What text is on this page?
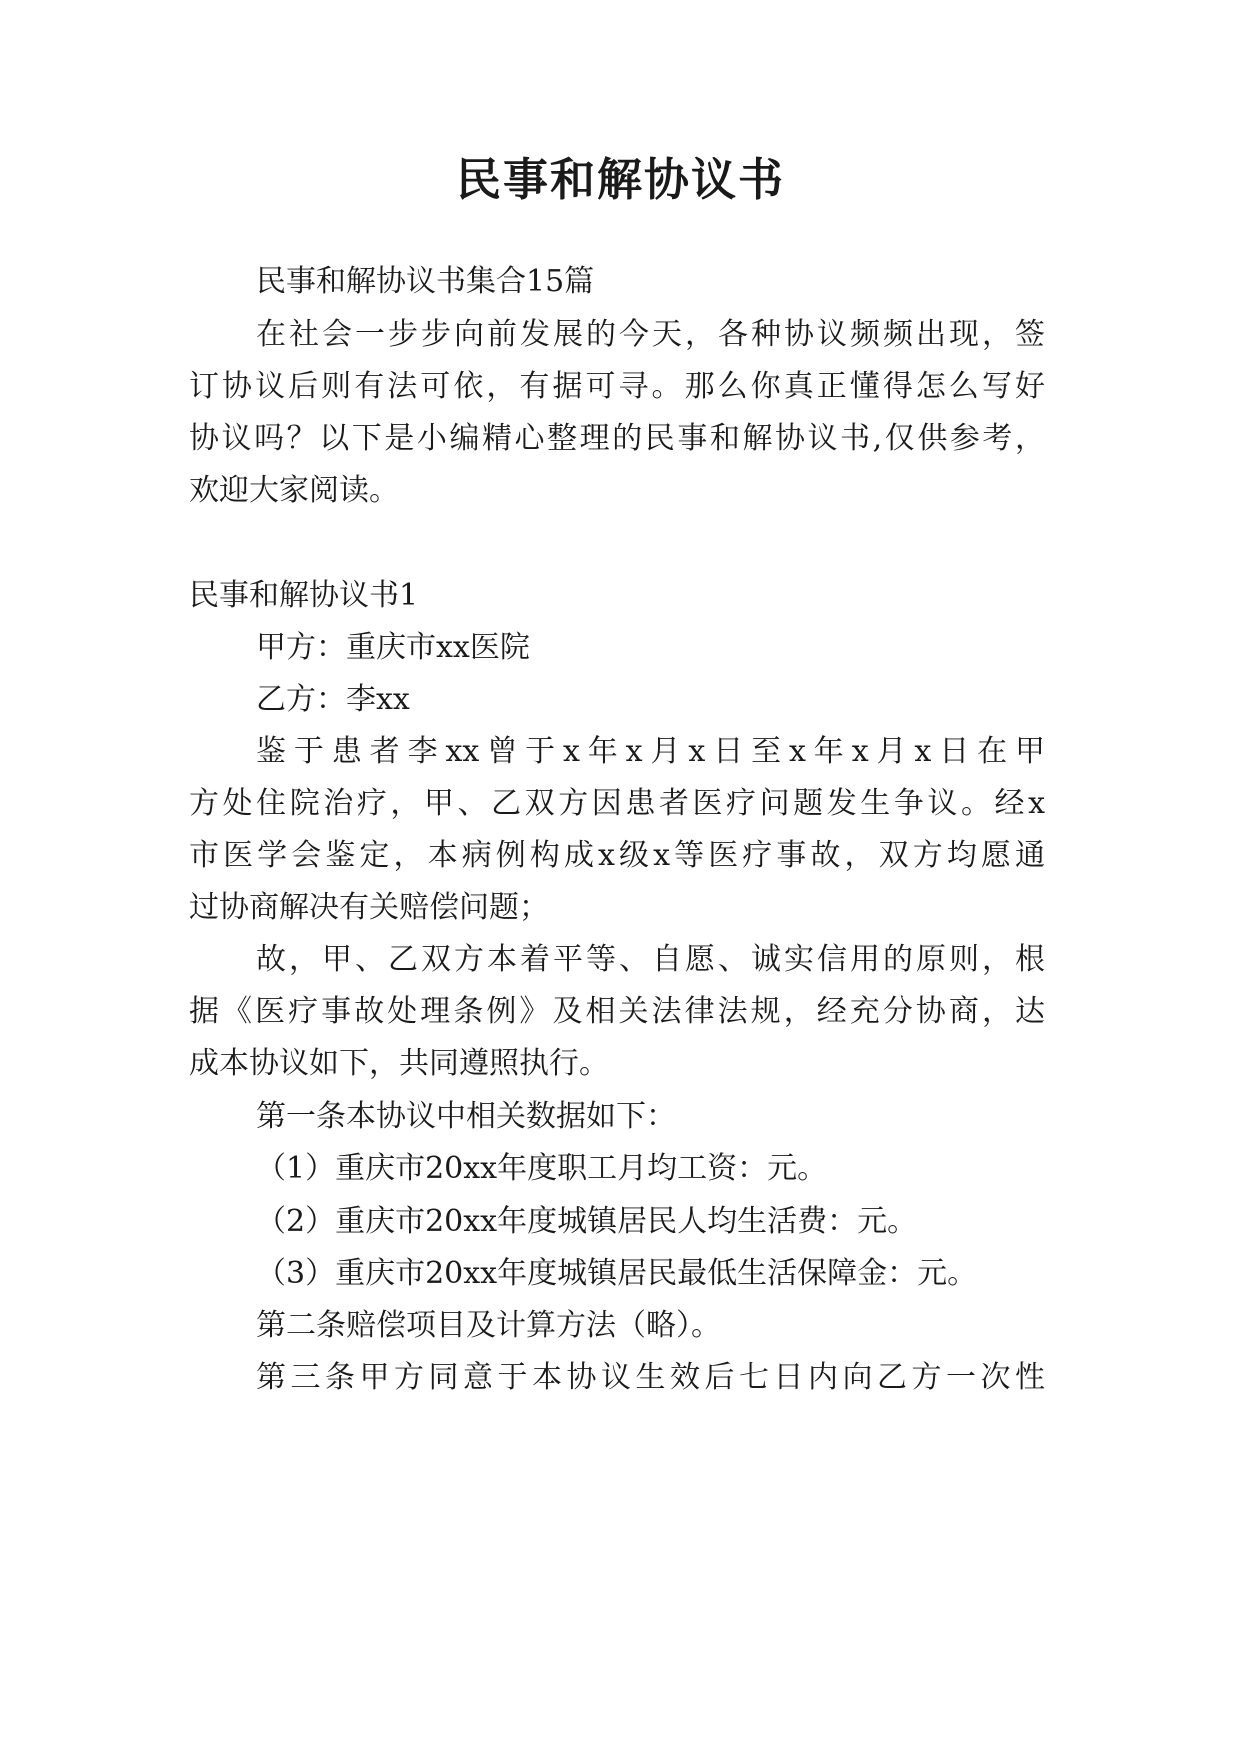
民事和解协议书
民事和解协议书集合15篇
在社会一步步向前发展的今天，各种协议频频出现，签
订协议后则有法可依，有据可寻。那么你真正懂得怎么写好
协议吗？以下是小编精心整理的民事和解协议书,仅供参考，
欢迎大家阅读。
民事和解协议书1
甲方：重庆市xx医院
乙方：李xx
鉴于患者李xx曾于x年x月x日至x年x月x日在甲
方处住院治疗，甲、乙双方因患者医疗问题发生争议。经x
市医学会鉴定，本病例构成x级x等医疗事故，双方均愿通
过协商解决有关赔偿问题；
故，甲、乙双方本着平等、自愿、诚实信用的原则，根
据《医疗事故处理条例》及相关法律法规，经充分协商，达
成本协议如下，共同遵照执行。
第一条本协议中相关数据如下：
（1）重庆市20xx年度职工月均工资：元。
（2）重庆市20xx年度城镇居民人均生活费：元。
（3）重庆市20xx年度城镇居民最低生活保障金：元。
第二条赔偿项目及计算方法（略）。
第三条甲方同意于本协议生效后七日内向乙方一次性
